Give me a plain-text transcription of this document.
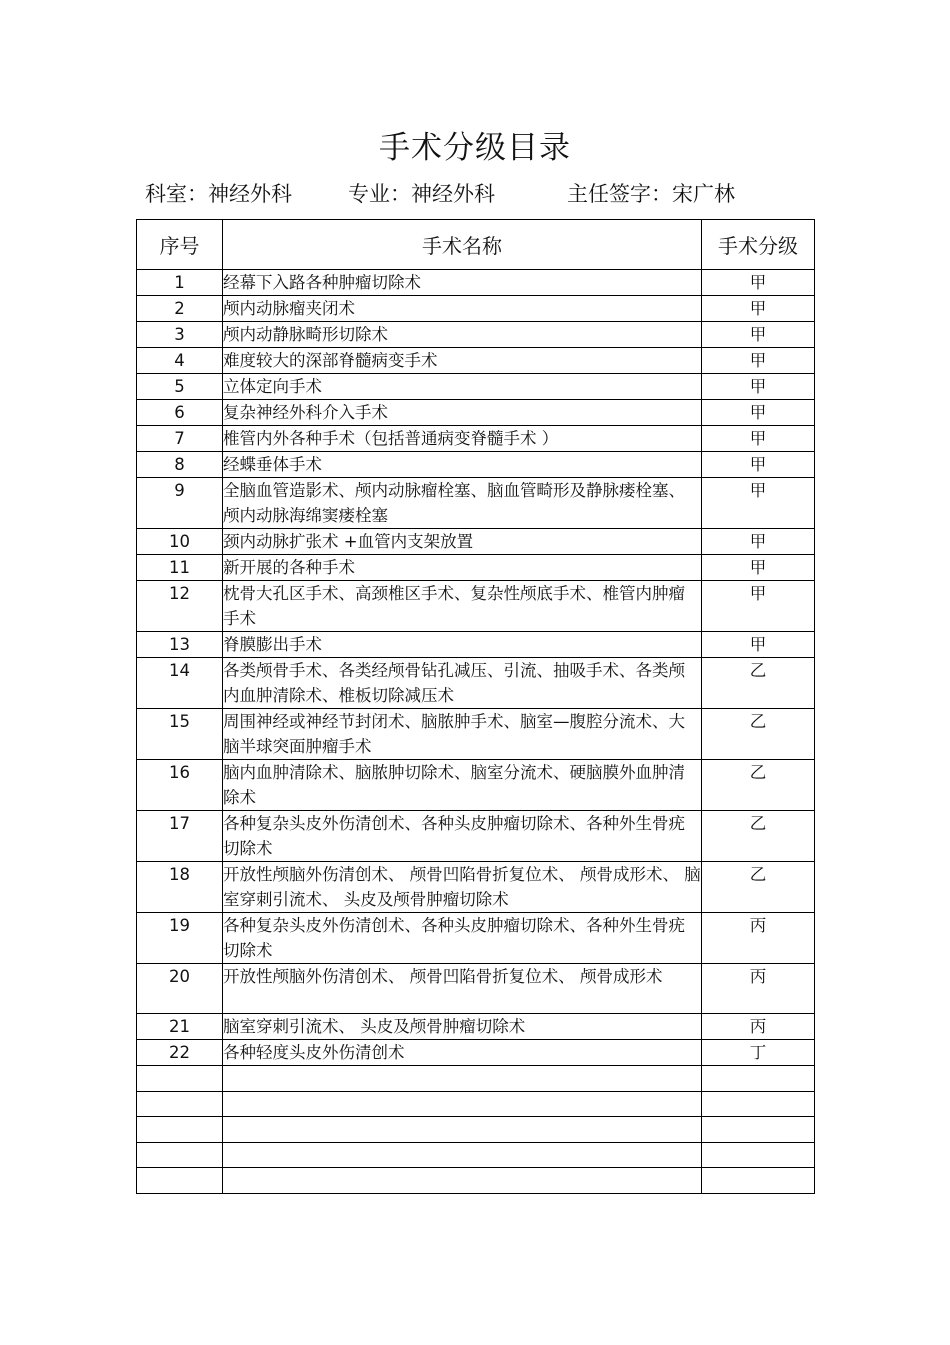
手术分级目录
科室：神经外科	专业：神经外科	主任签字：宋广林
序号	手术名称	手术分级
1	经幕下入路各种肿瘤切除术	甲
2	颅内动脉瘤夹闭术	甲
3	颅内动静脉畸形切除术	甲
4	难度较大的深部脊髓病变手术	甲
5	立体定向手术	甲
6	复杂神经外科介入手术	甲
7	椎管内外各种手术（包括普通病变脊髓手术 ）	甲
8	经蝶垂体手术	甲
9	全脑血管造影术、颅内动脉瘤栓塞、脑血管畸形及静脉瘘栓塞、颅内动脉海绵窦瘘栓塞	甲
10	颈内动脉扩张术 +血管内支架放置	甲
11	新开展的各种手术	甲
12	枕骨大孔区手术、高颈椎区手术、复杂性颅底手术、椎管内肿瘤手术	甲
13	脊膜膨出手术	甲
14	各类颅骨手术、各类经颅骨钻孔减压、引流、抽吸手术、各类颅内血肿清除术、椎板切除减压术	乙
15	周围神经或神经节封闭术、脑脓肿手术、脑室—腹腔分流术、大脑半球突面肿瘤手术	乙
16	脑内血肿清除术、脑脓肿切除术、脑室分流术、硬脑膜外血肿清除术	乙
17	各种复杂头皮外伤清创术、各种头皮肿瘤切除术、各种外生骨疣切除术	乙
18	开放性颅脑外伤清创术、 颅骨凹陷骨折复位术、 颅骨成形术、 脑室穿刺引流术、 头皮及颅骨肿瘤切除术	乙
19	各种复杂头皮外伤清创术、各种头皮肿瘤切除术、各种外生骨疣切除术	丙
20	开放性颅脑外伤清创术、 颅骨凹陷骨折复位术、 颅骨成形术	丙
21	脑室穿刺引流术、 头皮及颅骨肿瘤切除术	丙
22	各种轻度头皮外伤清创术	丁
